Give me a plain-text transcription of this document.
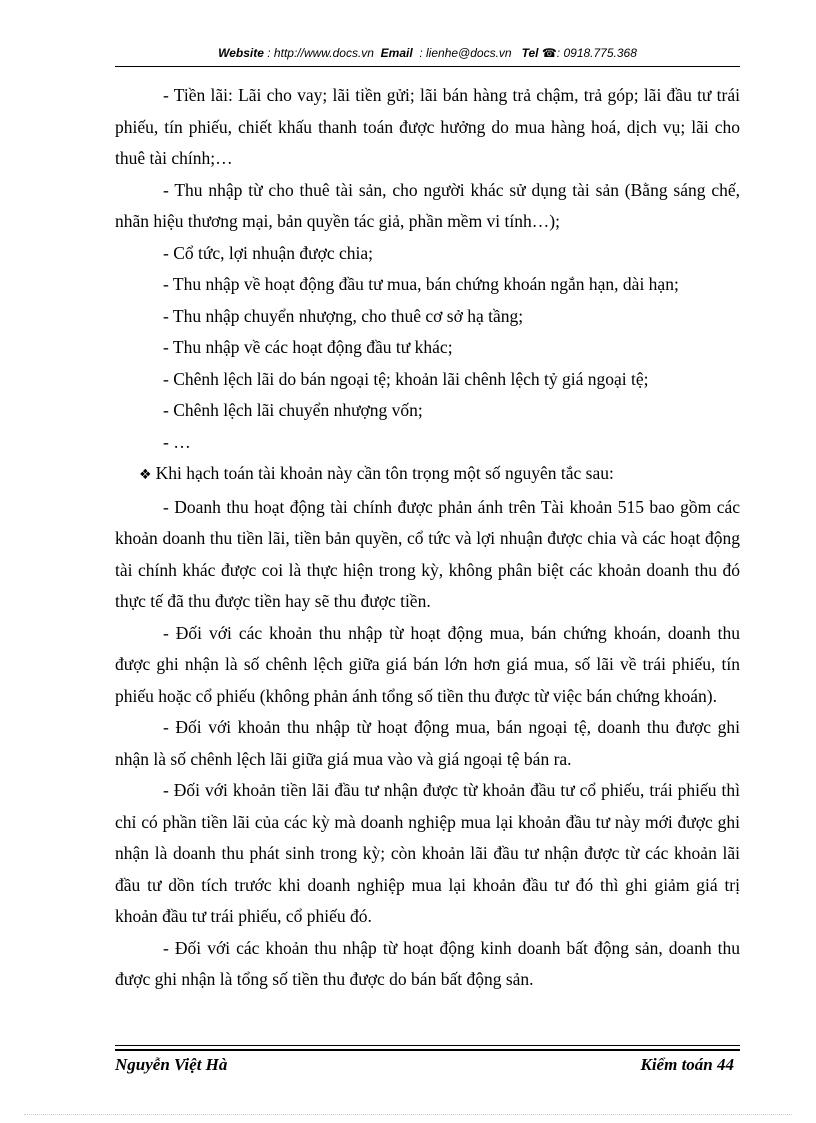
Website : http://www.docs.vn Email : lienhe@docs.vn Tel ☎: 0918.775.368

- Tiền lãi: Lãi cho vay; lãi tiền gửi; lãi bán hàng trả chậm, trả góp; lãi đầu tư trái phiếu, tín phiếu, chiết khấu thanh toán được hưởng do mua hàng hoá, dịch vụ; lãi cho thuê tài chính;…

- Thu nhập từ cho thuê tài sản, cho người khác sử dụng tài sản (Bằng sáng chế, nhãn hiệu thương mại, bản quyền tác giả, phần mềm vi tính…);

- Cổ tức, lợi nhuận được chia;

- Thu nhập về hoạt động đầu tư mua, bán chứng khoán ngắn hạn, dài hạn;

- Thu nhập chuyển nhượng, cho thuê cơ sở hạ tầng;

- Thu nhập về các hoạt động đầu tư khác;

- Chênh lệch lãi do bán ngoại tệ; khoản lãi chênh lệch tỷ giá ngoại tệ;

- Chênh lệch lãi chuyển nhượng vốn;

- …

❖ Khi hạch toán tài khoản này cần tôn trọng một số nguyên tắc sau:

- Doanh thu hoạt động tài chính được phản ánh trên Tài khoản 515 bao gồm các khoản doanh thu tiền lãi, tiền bản quyền, cổ tức và lợi nhuận được chia và các hoạt động tài chính khác được coi là thực hiện trong kỳ, không phân biệt các khoản doanh thu đó thực tế đã thu được tiền hay sẽ thu được tiền.

- Đối với các khoản thu nhập từ hoạt động mua, bán chứng khoán, doanh thu được ghi nhận là số chênh lệch giữa giá bán lớn hơn giá mua, số lãi về trái phiếu, tín phiếu hoặc cổ phiếu (không phản ánh tổng số tiền thu được từ việc bán chứng khoán).

- Đối với khoản thu nhập từ hoạt động mua, bán ngoại tệ, doanh thu được ghi nhận là số chênh lệch lãi giữa giá mua vào và giá ngoại tệ bán ra.

- Đối với khoản tiền lãi đầu tư nhận được từ khoản đầu tư cổ phiếu, trái phiếu thì chỉ có phần tiền lãi của các kỳ mà doanh nghiệp mua lại khoản đầu tư này mới được ghi nhận là doanh thu phát sinh trong kỳ; còn khoản lãi đầu tư nhận được từ các khoản lãi đầu tư dồn tích trước khi doanh nghiệp mua lại khoản đầu tư đó thì ghi giảm giá trị khoản đầu tư trái phiếu, cổ phiếu đó.

- Đối với các khoản thu nhập từ hoạt động kinh doanh bất động sản, doanh thu được ghi nhận là tổng số tiền thu được do bán bất động sản.

Nguyễn Việt Hà	Kiểm toán 44
